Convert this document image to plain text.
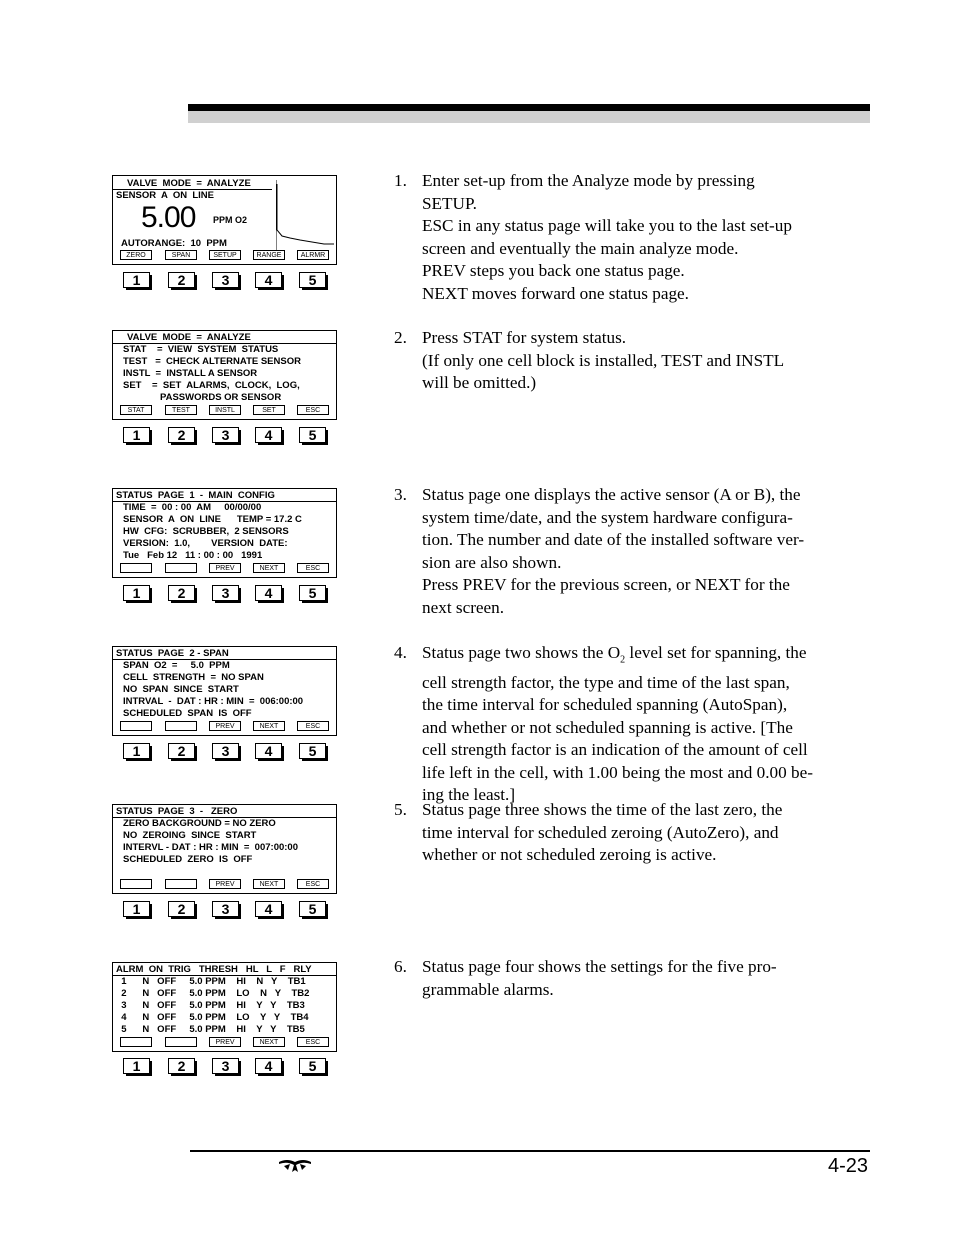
VALVE  MODE  =  ANALYZE
SENSOR  A  ON  LINE
5.00 PPM O2
AUTORANGE:  10  PPM
ZERO	SPAN	SETUP	RANGE	ALRMR
1	2	3	4	5
VALVE  MODE  =  ANALYZE
STAT    =  VIEW  SYSTEM  STATUS
TEST   =  CHECK ALTERNATE SENSOR
INSTL  =  INSTALL A SENSOR
SET    =  SET  ALARMS,  CLOCK,  LOG,
PASSWORDS OR SENSOR
STAT	TEST	INSTL	SET	ESC
1	2	3	4	5
STATUS  PAGE  1  -  MAIN  CONFIG
TIME  =  00 : 00  AM     00/00/00
SENSOR  A  ON  LINE      TEMP = 17.2 C
HW  CFG:  SCRUBBER,  2 SENSORS
VERSION:  1.0,        VERSION  DATE:
Tue   Feb 12   11 : 00 : 00   1991
PREV	NEXT	ESC
1	2	3	4	5
STATUS  PAGE  2 - SPAN
SPAN  O2  =     5.0  PPM
CELL  STRENGTH  =  NO SPAN
NO  SPAN  SINCE  START
INTRVAL  -  DAT : HR : MIN  =  006:00:00
SCHEDULED  SPAN  IS  OFF
PREV	NEXT	ESC
1	2	3	4	5
STATUS  PAGE  3  -   ZERO
ZERO BACKGROUND = NO ZERO
NO  ZEROING  SINCE  START
INTERVL - DAT : HR : MIN  =  007:00:00
SCHEDULED  ZERO  IS  OFF
PREV	NEXT	ESC
1	2	3	4	5
ALRM  ON  TRIG   THRESH   HL   L   F   RLY
1      N   OFF     5.0 PPM    HI    N   Y    TB1
2      N   OFF     5.0 PPM    LO    N   Y    TB2
3      N   OFF     5.0 PPM    HI    Y   Y    TB3
4      N   OFF     5.0 PPM    LO    Y   Y    TB4
5      N   OFF     5.0 PPM    HI    Y   Y    TB5
PREV	NEXT	ESC
1	2	3	4	5
1. Enter set-up from the Analyze mode by pressing

SETUP.

ESC in any status page will take you to the last set-up

screen and eventually the main analyze mode.

PREV steps you back one status page.

NEXT moves forward one status page.

2. Press STAT for system status.

(If only one cell block is installed, TEST and INSTL

will be omitted.)

3. Status page one displays the active sensor (A or B), the

system time/date, and the system hardware configura-

tion. The number and date of the installed software ver-

sion are also shown.

Press PREV for the previous screen, or NEXT for the

next screen.

4. Status page two shows the $O_2$ level set for spanning, the

cell strength factor, the type and time of the last span,

the time interval for scheduled spanning (AutoSpan),

and whether or not scheduled spanning is active. [The

cell strength factor is an indication of the amount of cell

life left in the cell, with 1.00 being the most and 0.00 be-

ing the least.]

5. Status page three shows the time of the last zero, the

time interval for scheduled zeroing (AutoZero), and

whether or not scheduled zeroing is active.

6. Status page four shows the settings for the five pro-

grammable alarms.

4-23
